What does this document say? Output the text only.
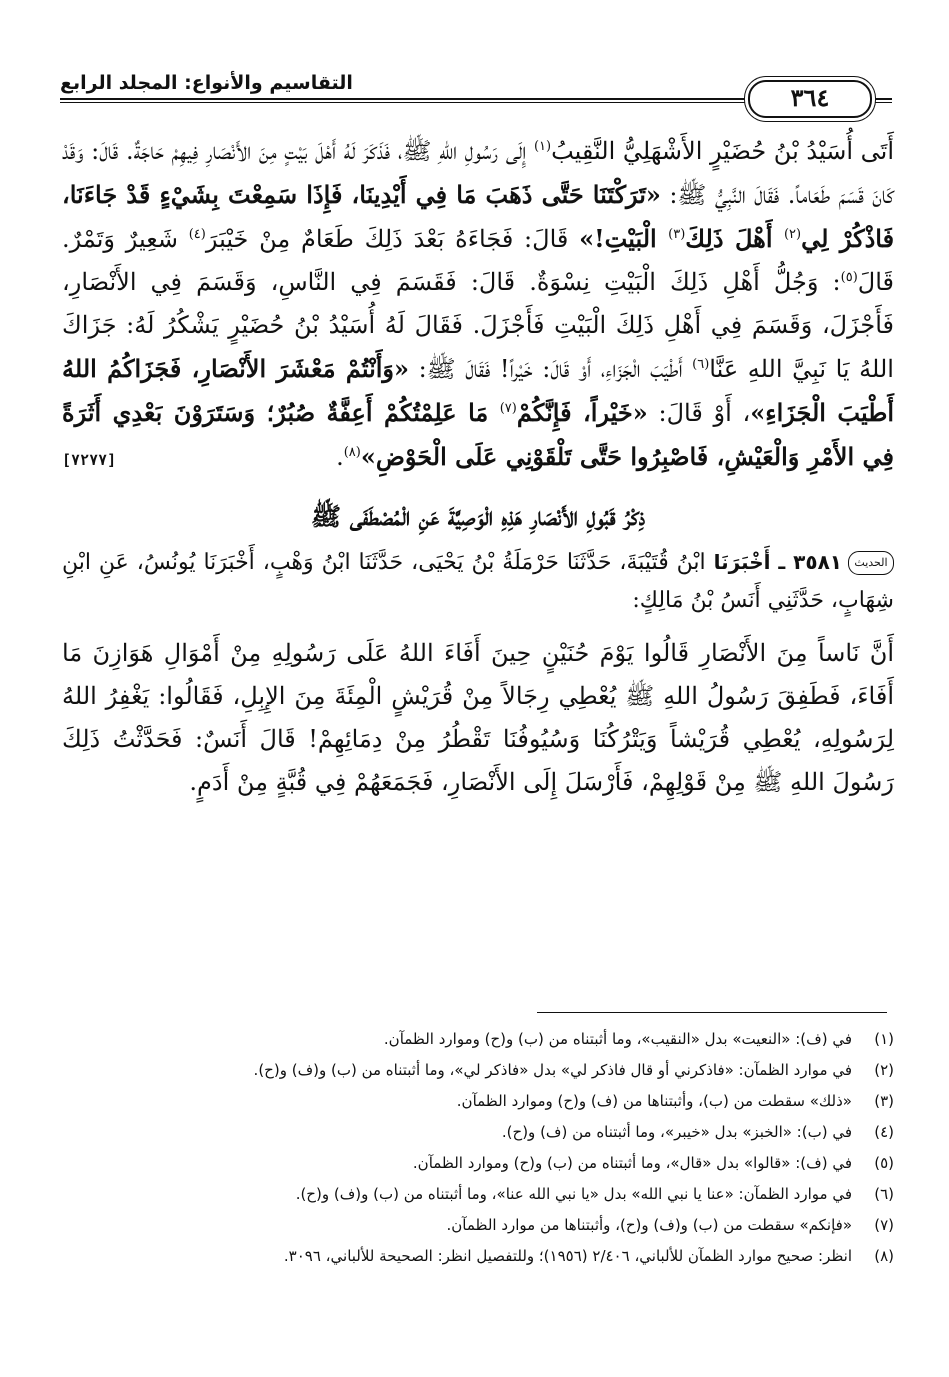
٣٦٤
التقاسيم والأنواع: المجلد الرابع

أَتَى أُسَيْدُ بْنُ حُضَيْرٍ الأَشْهَلِيُّ النَّقِيبُ$^{(١)}$ إِلَى رَسُولِ اللهِ ﷺ، فَذَكَرَ لَهُ أَهْلَ بَيْتٍ مِنَ الأَنْصَارِ فِيهِمْ حَاجَةٌ. قَالَ: وَقَدْ كَانَ قَسَمَ طَعَاماً. فَقَالَ النَّبِيُّ ﷺ: «تَرَكْتَنَا حَتَّى ذَهَبَ مَا فِي أَيْدِينَا، فَإِذَا سَمِعْتَ بِشَيْءٍ قَدْ جَاءَنَا، فَاذْكُرْ لِي$^{(٢)}$ أَهْلَ ذَلِكَ$^{(٣)}$ الْبَيْتِ!» قَالَ: فَجَاءَهُ بَعْدَ ذَلِكَ طَعَامٌ مِنْ خَيْبَرَ$^{(٤)}$ شَعِيرٌ وَتَمْرٌ. قَالَ$^{(٥)}$: وَجُلُّ أَهْلِ ذَلِكَ الْبَيْتِ نِسْوَةٌ. قَالَ: فَقَسَمَ فِي النَّاسِ، وَقَسَمَ فِي الأَنْصَارِ، فَأَجْزَلَ، وَقَسَمَ فِي أَهْلِ ذَلِكَ الْبَيْتِ فَأَجْزَلَ. فَقَالَ لَهُ أُسَيْدُ بْنُ حُضَيْرٍ يَشْكُرُ لَهُ: جَزَاكَ اللهُ يَا نَبِيَّ اللهِ عَنَّا$^{(٦)}$ أَطْيَبَ الْجَزَاءِ، أَوْ قَالَ: خَيْراً! فَقَالَ ﷺ: «وَأَنْتُمْ مَعْشَرَ الأَنْصَارِ، فَجَزَاكُمُ اللهُ أَطْيَبَ الْجَزَاءِ»، أَوْ قَالَ: «خَيْراً، فَإِنَّكُمْ$^{(٧)}$ مَا عَلِمْتُكُمْ أَعِفَّةٌ صُبُرٌ؛ وَسَتَرَوْنَ بَعْدِي أَثَرَةً فِي الأَمْرِ وَالْعَيْشِ، فَاصْبِرُوا حَتَّى تَلْقَوْنِي عَلَى الْحَوْضِ»$^{(٨)}$.
[٧٢٧٧]

ذِكْرُ قَبُولِ الأَنْصَارِ هَذِهِ الْوَصِيَّةَ عَنِ الْمُصْطَفَى ﷺ

الحديث٣٥٨١ ـ أَخْبَرَنَا ابْنُ قُتَيْبَةَ، حَدَّثَنَا حَرْمَلَةُ بْنُ يَحْيَى، حَدَّثَنَا ابْنُ وَهْبٍ، أَخْبَرَنَا يُونُسُ، عَنِ ابْنِ شِهَابٍ، حَدَّثَنِي أَنَسُ بْنُ مَالِكٍ:

أَنَّ نَاساً مِنَ الأَنْصَارِ قَالُوا يَوْمَ حُنَيْنٍ حِينَ أَفَاءَ اللهُ عَلَى رَسُولِهِ مِنْ أَمْوَالِ هَوَازِنَ مَا أَفَاءَ، فَطَفِقَ رَسُولُ اللهِ ﷺ يُعْطِي رِجَالاً مِنْ قُرَيْشٍ الْمِئَةَ مِنَ الإِبِلِ، فَقَالُوا: يَغْفِرُ اللهُ لِرَسُولِهِ، يُعْطِي قُرَيْشاً وَيَتْرُكُنَا وَسُيُوفُنَا تَقْطُرُ مِنْ دِمَائِهِمْ! قَالَ أَنَسٌ: فَحَدَّثْتُ ذَلِكَ رَسُولَ اللهِ ﷺ مِنْ قَوْلِهِمْ، فَأَرْسَلَ إِلَى الأَنْصَارِ، فَجَمَعَهُمْ فِي قُبَّةٍ مِنْ أَدَمٍ.

(١)
في (ف): «النعيت» بدل «النقيب»، وما أثبتناه من (ب) و(ح) وموارد الظمآن.
(٢)
في موارد الظمآن: «فاذكرني أو قال فاذكر لي» بدل «فاذكر لي»، وما أثبتناه من (ب) و(ف) و(ح).
(٣)
«ذلك» سقطت من (ب)، وأثبتناها من (ف) و(ح) وموارد الظمآن.
(٤)
في (ب): «الخبز» بدل «خيبر»، وما أثبتناه من (ف) و(ح).
(٥)
في (ف): «قالوا» بدل «قال»، وما أثبتناه من (ب) و(ح) وموارد الظمآن.
(٦)
في موارد الظمآن: «عنا يا نبي الله» بدل «يا نبي الله عنا»، وما أثبتناه من (ب) و(ف) و(ح).
(٧)
«فإنكم» سقطت من (ب) و(ف) و(ح)، وأثبتناها من موارد الظمآن.
(٨)
انظر: صحيح موارد الظمآن للألباني، ٢/٤٠٦ (١٩٥٦)؛ وللتفصيل انظر: الصحيحة للألباني، ٣٠٩٦.
